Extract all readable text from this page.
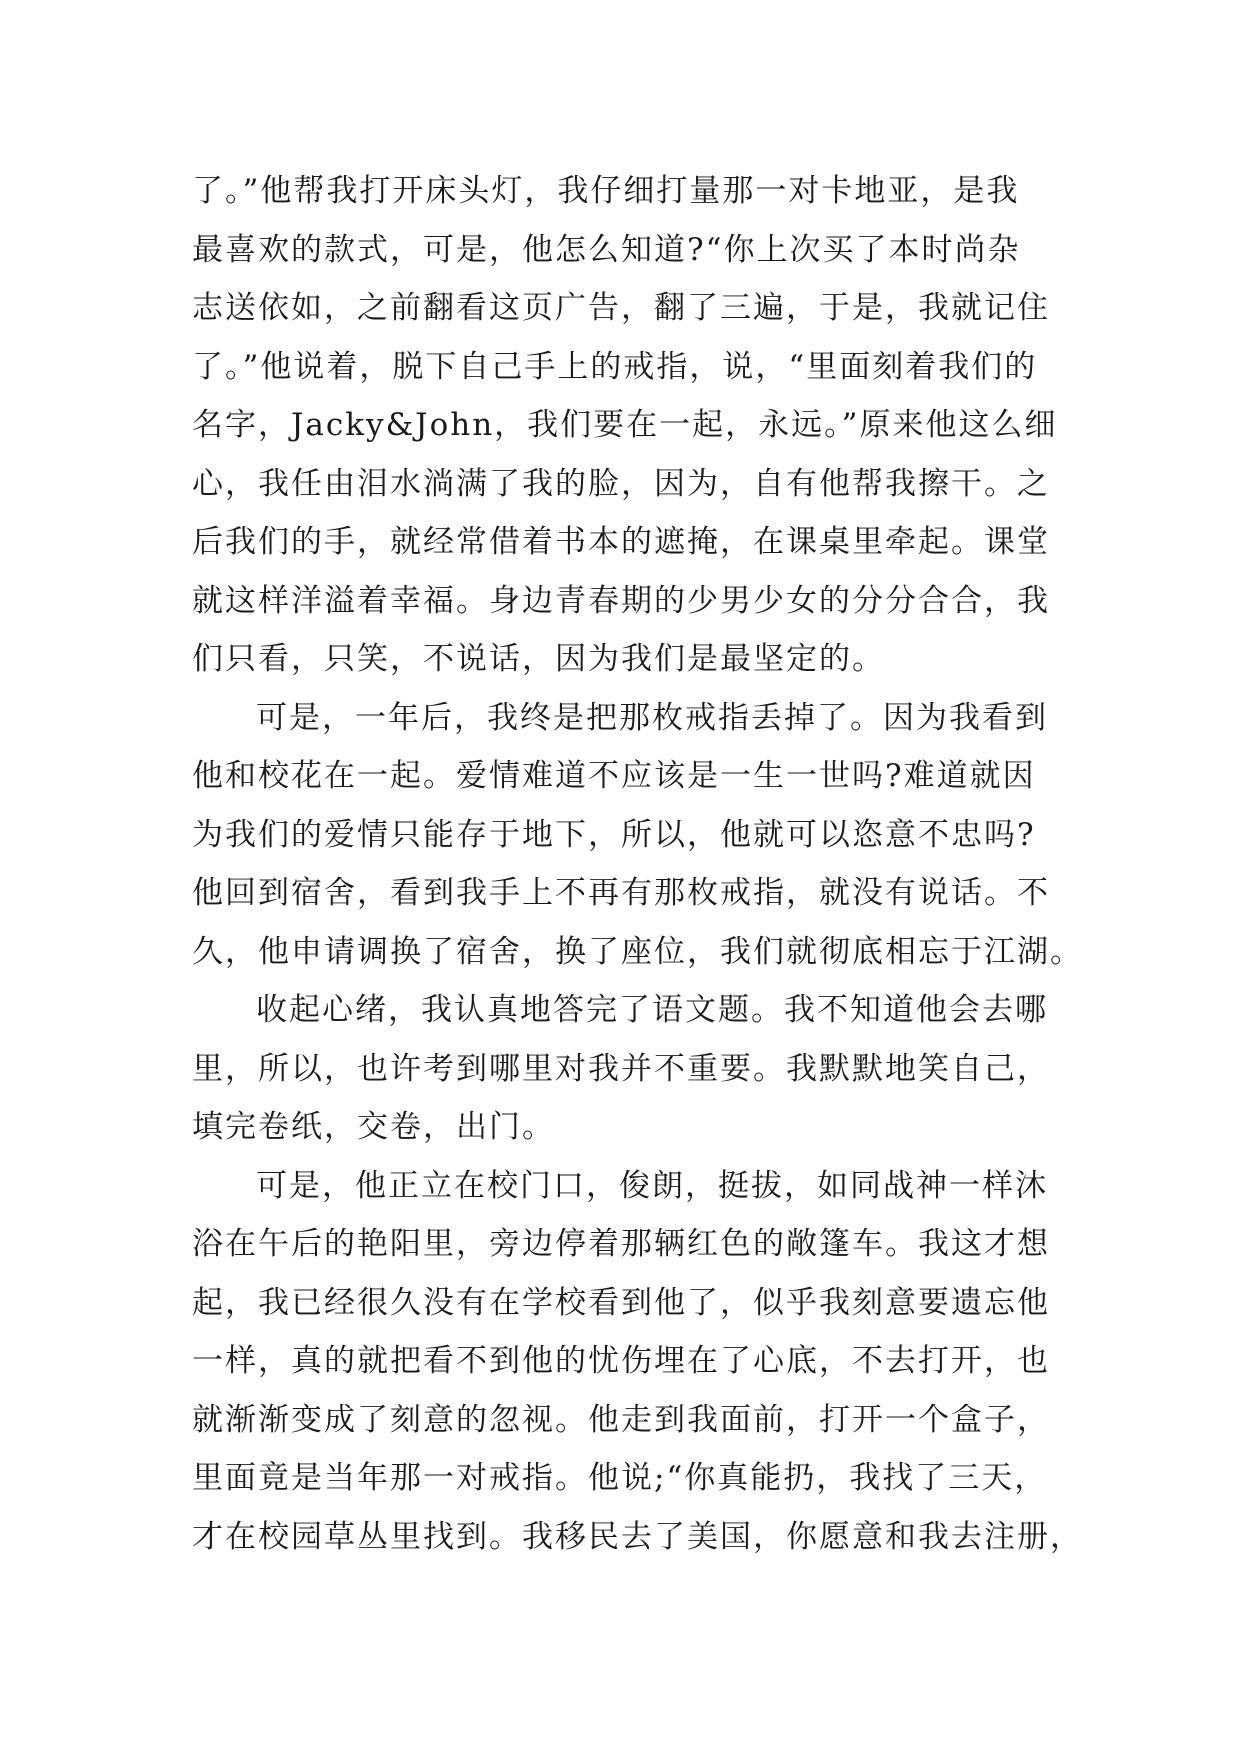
了。”他帮我打开床头灯，我仔细打量那一对卡地亚，是我
最喜欢的款式，可是，他怎么知道?“你上次买了本时尚杂
志送依如，之前翻看这页广告，翻了三遍，于是，我就记住
了。”他说着，脱下自己手上的戒指，说，“里面刻着我们的
名字，Jacky&John，我们要在一起，永远。”原来他这么细
心，我任由泪水淌满了我的脸，因为，自有他帮我擦干。之
后我们的手，就经常借着书本的遮掩，在课桌里牵起。课堂
就这样洋溢着幸福。身边青春期的少男少女的分分合合，我
们只看，只笑，不说话，因为我们是最坚定的。
可是，一年后，我终是把那枚戒指丢掉了。因为我看到
他和校花在一起。爱情难道不应该是一生一世吗?难道就因
为我们的爱情只能存于地下，所以，他就可以恣意不忠吗?
他回到宿舍，看到我手上不再有那枚戒指，就没有说话。不
久，他申请调换了宿舍，换了座位，我们就彻底相忘于江湖。
收起心绪，我认真地答完了语文题。我不知道他会去哪
里，所以，也许考到哪里对我并不重要。我默默地笑自己，
填完卷纸，交卷，出门。
可是，他正立在校门口，俊朗，挺拔，如同战神一样沐
浴在午后的艳阳里，旁边停着那辆红色的敞篷车。我这才想
起，我已经很久没有在学校看到他了，似乎我刻意要遗忘他
一样，真的就把看不到他的忧伤埋在了心底，不去打开，也
就渐渐变成了刻意的忽视。他走到我面前，打开一个盒子，
里面竟是当年那一对戒指。他说;“你真能扔，我找了三天，
才在校园草丛里找到。我移民去了美国，你愿意和我去注册，
